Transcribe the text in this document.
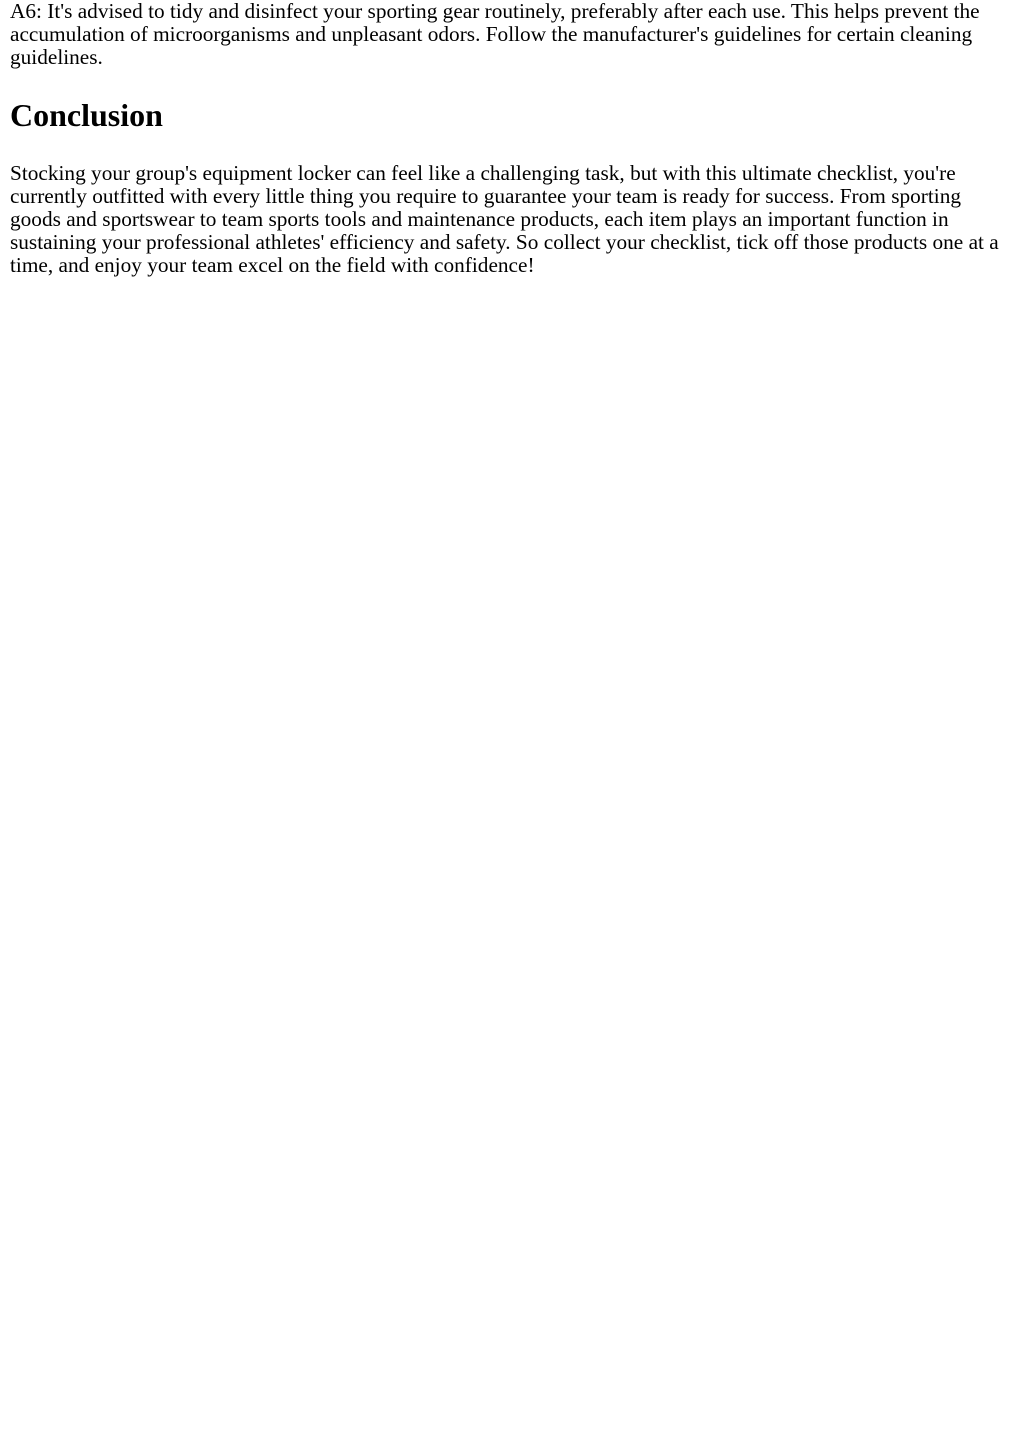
A6: It's advised to tidy and disinfect your sporting gear routinely, preferably after each use. This helps prevent the accumulation of microorganisms and unpleasant odors. Follow the manufacturer's guidelines for certain cleaning guidelines.

Conclusion

Stocking your group's equipment locker can feel like a challenging task, but with this ultimate checklist, you're currently outfitted with every little thing you require to guarantee your team is ready for success. From sporting goods and sportswear to team sports tools and maintenance products, each item plays an important function in sustaining your professional athletes' efficiency and safety. So collect your checklist, tick off those products one at a time, and enjoy your team excel on the field with confidence!
